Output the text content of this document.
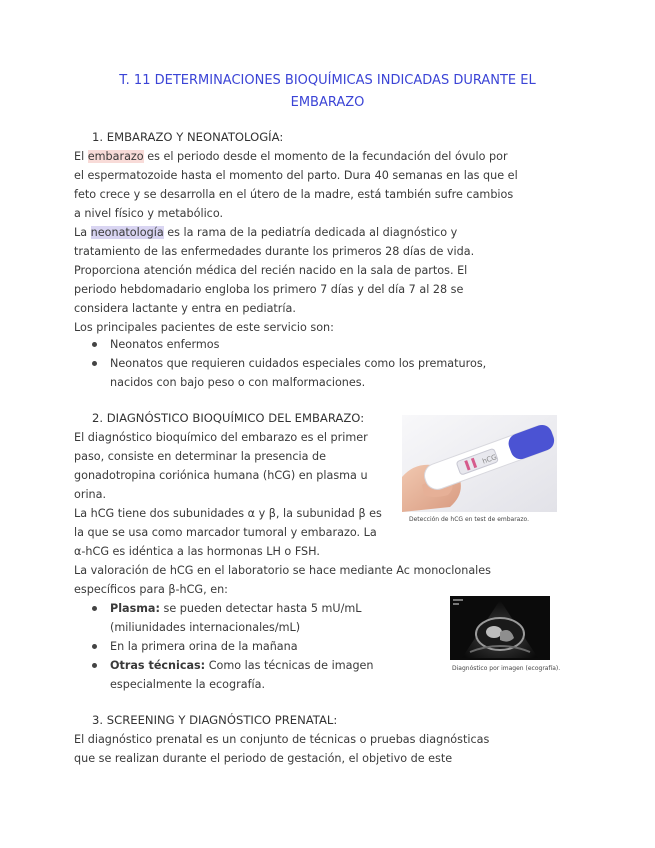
T. 11 DETERMINACIONES BIOQUÍMICAS INDICADAS DURANTE EL
EMBARAZO
1. EMBARAZO Y NEONATOLOGÍA:
El embarazo es el periodo desde el momento de la fecundación del óvulo por
el espermatozoide hasta el momento del parto. Dura 40 semanas en las que el
feto crece y se desarrolla en el útero de la madre, está también sufre cambios
a nivel físico y metabólico.
La neonatología es la rama de la pediatría dedicada al diagnóstico y
tratamiento de las enfermedades durante los primeros 28 días de vida.
Proporciona atención médica del recién nacido en la sala de partos. El
periodo hebdomadario engloba los primero 7 días y del día 7 al 28 se
considera lactante y entra en pediatría.
Los principales pacientes de este servicio son:
Neonatos enfermos
Neonatos que requieren cuidados especiales como los prematuros,
nacidos con bajo peso o con malformaciones.
2. DIAGNÓSTICO BIOQUÍMICO DEL EMBARAZO:
El diagnóstico bioquímico del embarazo es el primer
paso, consiste en determinar la presencia de
gonadotropina coriónica humana (hCG) en plasma u
orina.
La hCG tiene dos subunidades α y β, la subunidad β es
la que se usa como marcador tumoral y embarazo. La
α-hCG es idéntica a las hormonas LH o FSH.
La valoración de hCG en el laboratorio se hace mediante Ac monoclonales
específicos para β-hCG, en:
Plasma: se pueden detectar hasta 5 mU/mL
(miliunidades internacionales/mL)
En la primera orina de la mañana
Otras técnicas: Como las técnicas de imagen
especialmente la ecografía.
hCG
Detección de hCG en test de embarazo.
Diagnóstico por imagen (ecografía).
3. SCREENING Y DIAGNÓSTICO PRENATAL:
El diagnóstico prenatal es un conjunto de técnicas o pruebas diagnósticas
que se realizan durante el periodo de gestación, el objetivo de este
